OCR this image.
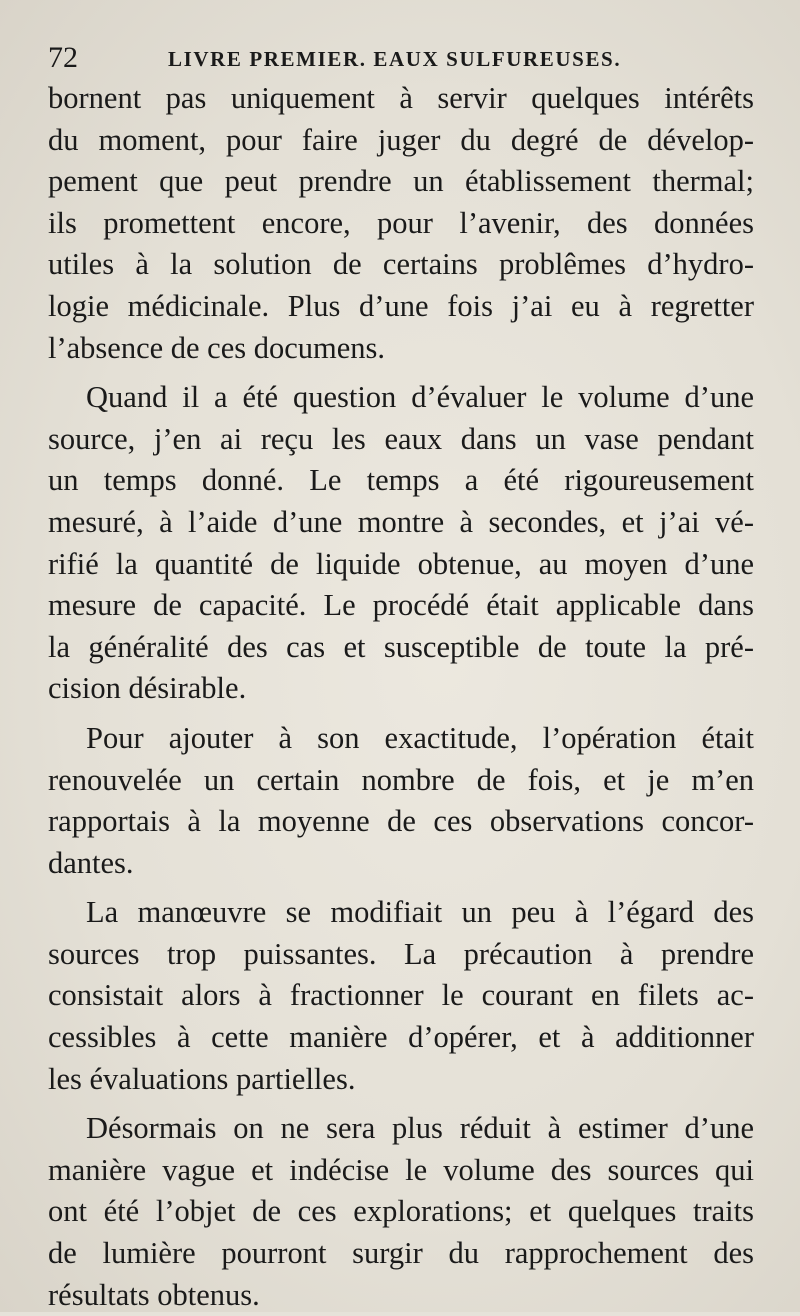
72	LIVRE PREMIER. EAUX SULFUREUSES.
bornent pas uniquement à servir quelques intérêts
du moment, pour faire juger du degré de dévelop-
pement que peut prendre un établissement thermal;
ils promettent encore, pour l’avenir, des données
utiles à la solution de certains problêmes d’hydro-
logie médicinale. Plus d’une fois j’ai eu à regretter
l’absence de ces documens.
Quand il a été question d’évaluer le volume d’une
source, j’en ai reçu les eaux dans un vase pendant
un temps donné. Le temps a été rigoureusement
mesuré, à l’aide d’une montre à secondes, et j’ai vé-
rifié la quantité de liquide obtenue, au moyen d’une
mesure de capacité. Le procédé était applicable dans
la généralité des cas et susceptible de toute la pré-
cision désirable.
Pour ajouter à son exactitude, l’opération était
renouvelée un certain nombre de fois, et je m’en
rapportais à la moyenne de ces observations concor-
dantes.
La manœuvre se modifiait un peu à l’égard des
sources trop puissantes. La précaution à prendre
consistait alors à fractionner le courant en filets ac-
cessibles à cette manière d’opérer, et à additionner
les évaluations partielles.
Désormais on ne sera plus réduit à estimer d’une
manière vague et indécise le volume des sources qui
ont été l’objet de ces explorations; et quelques traits
de lumière pourront surgir du rapprochement des
résultats obtenus.
